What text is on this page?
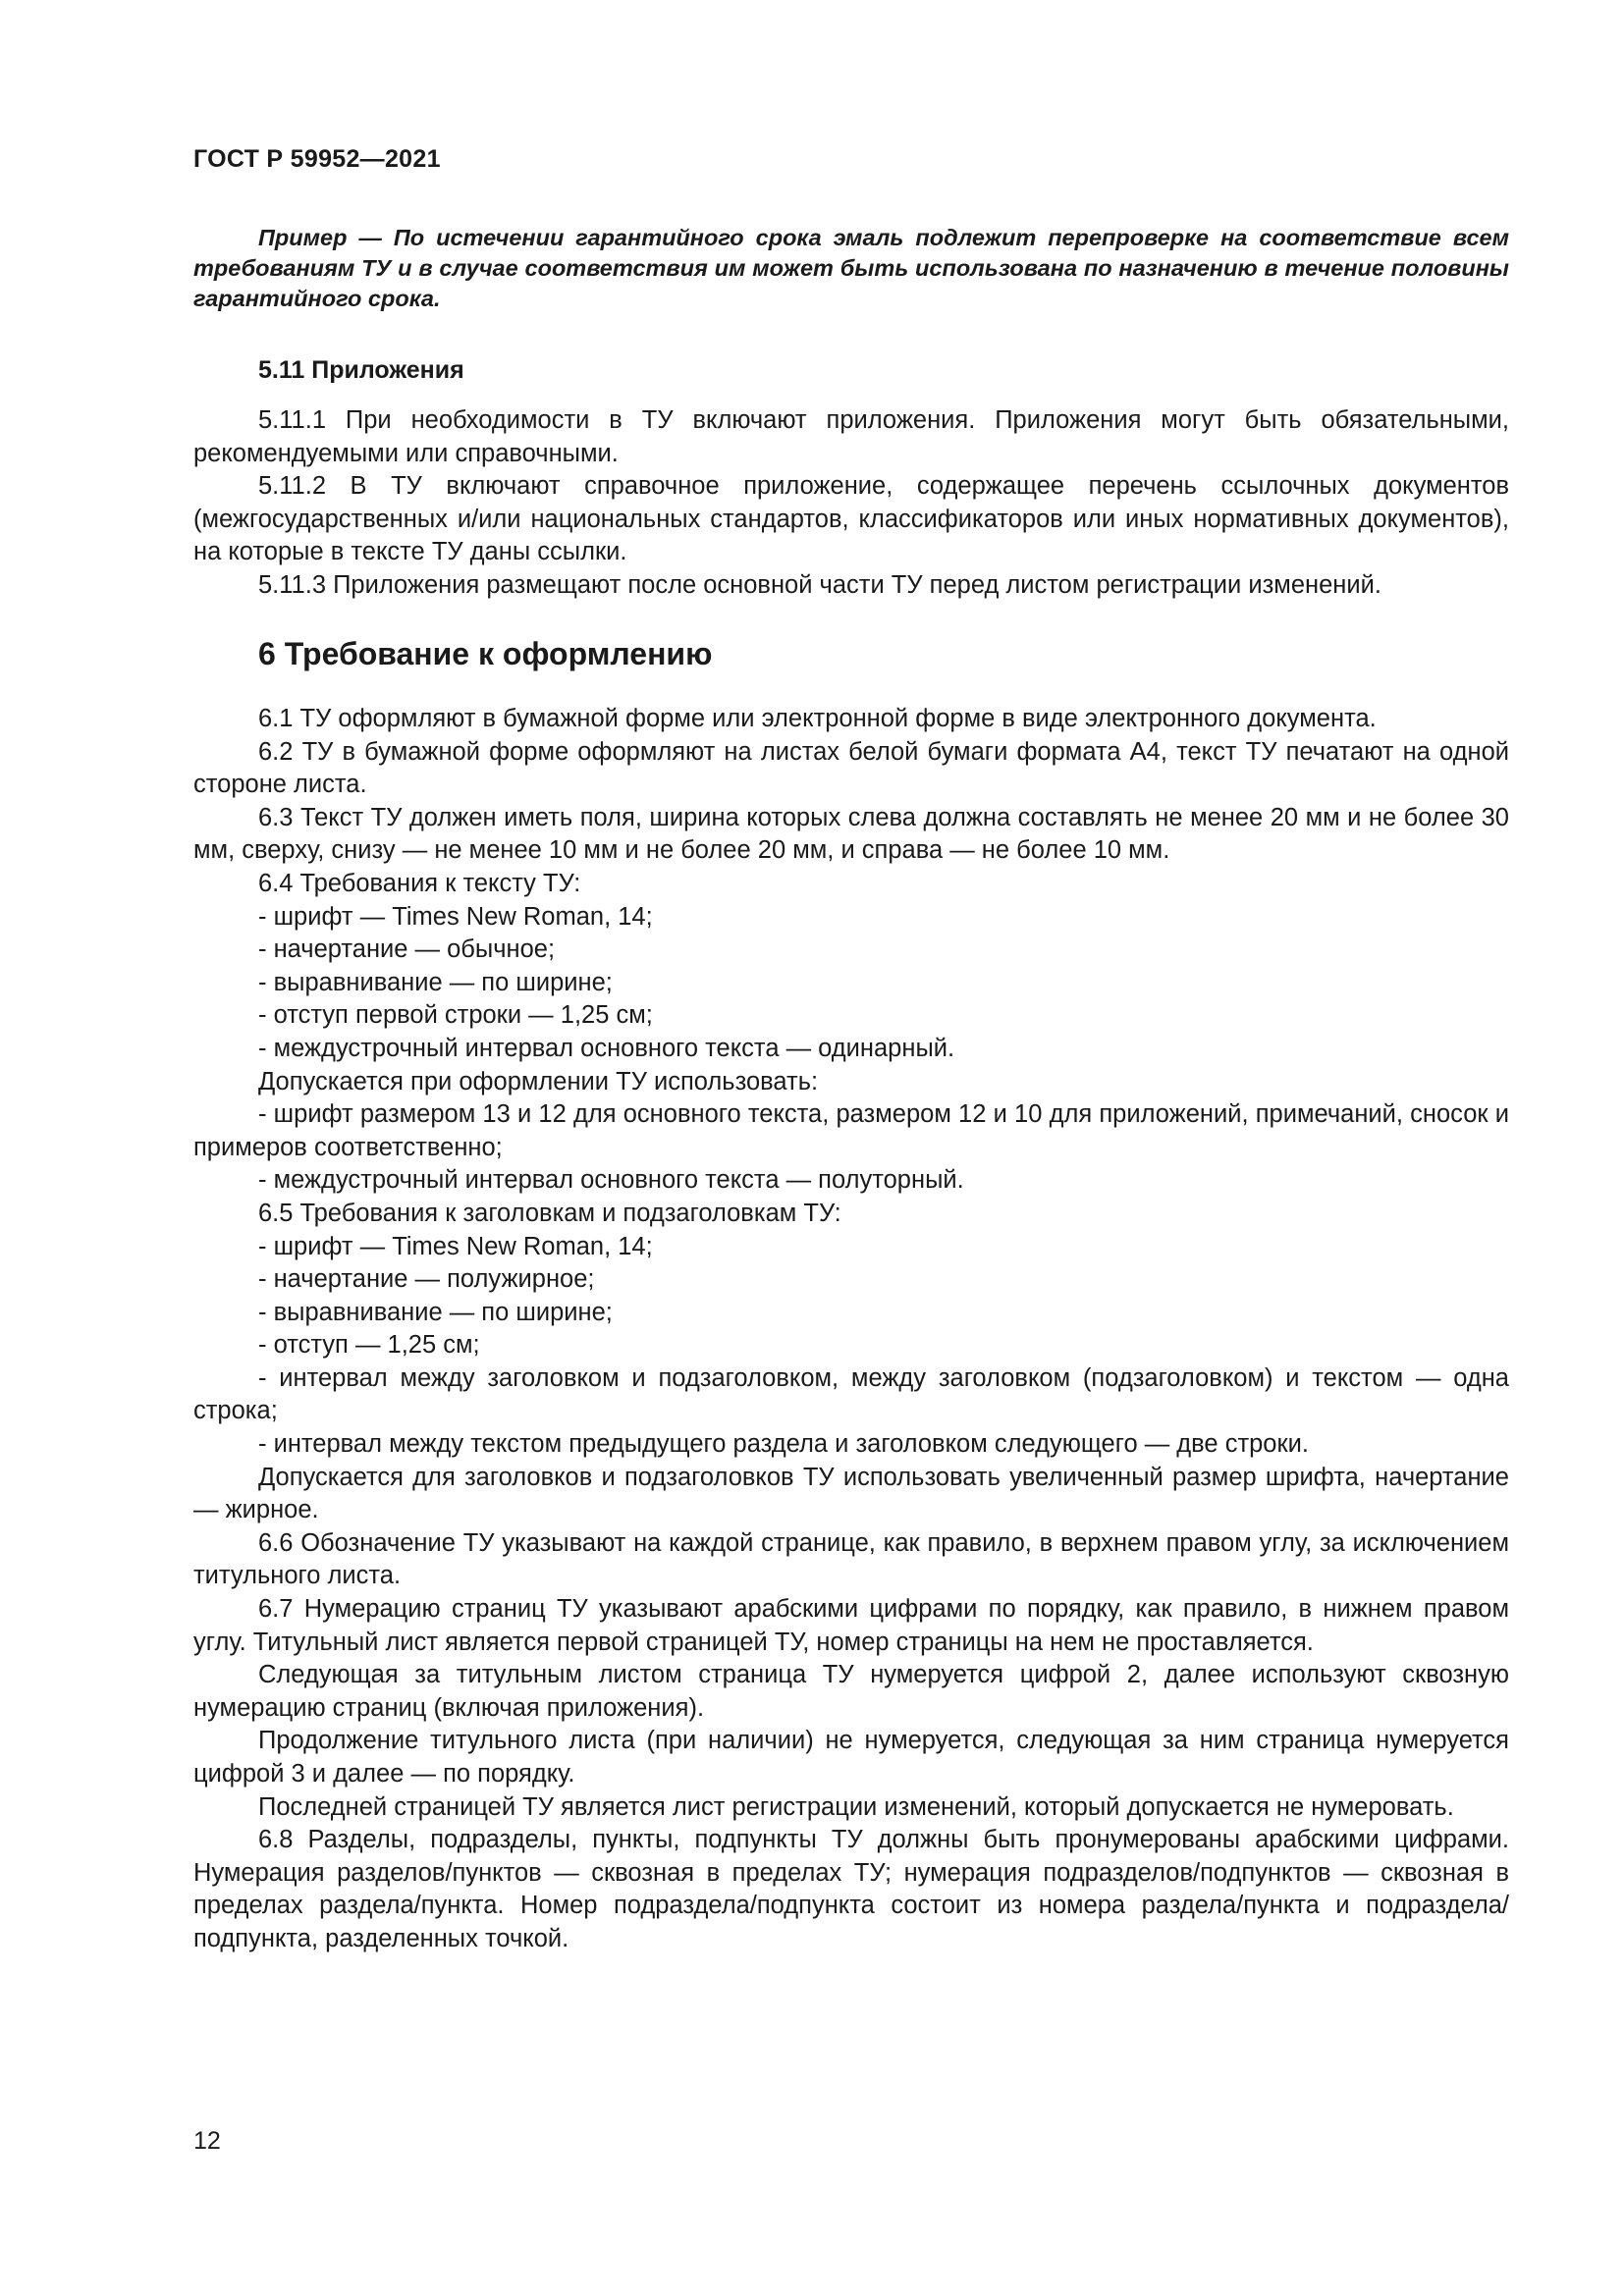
ГОСТ Р 59952—2021
Пример — По истечении гарантийного срока эмаль подлежит перепроверке на соответствие всем требованиям ТУ и в случае соответствия им может быть использована по назначению в течение половины гарантийного срока.
5.11 Приложения

5.11.1 При необходимости в ТУ включают приложения. Приложения могут быть обязательными, рекомендуемыми или справочными.

5.11.2 В ТУ включают справочное приложение, содержащее перечень ссылочных документов (межгосударственных и/или национальных стандартов, классификаторов или иных нормативных документов), на которые в тексте ТУ даны ссылки.

5.11.3 Приложения размещают после основной части ТУ перед листом регистрации изменений.

6 Требование к оформлению

6.1 ТУ оформляют в бумажной форме или электронной форме в виде электронного документа.

6.2 ТУ в бумажной форме оформляют на листах белой бумаги формата А4, текст ТУ печатают на одной стороне листа.

6.3 Текст ТУ должен иметь поля, ширина которых слева должна составлять не менее 20 мм и не более 30 мм, сверху, снизу — не менее 10 мм и не более 20 мм, и справа — не более 10 мм.

6.4 Требования к тексту ТУ:

- шрифт — Times New Roman, 14;

- начертание — обычное;

- выравнивание — по ширине;

- отступ первой строки — 1,25 см;

- междустрочный интервал основного текста — одинарный.

Допускается при оформлении ТУ использовать:

- шрифт размером 13 и 12 для основного текста, размером 12 и 10 для приложений, примечаний, сносок и примеров соответственно;

- междустрочный интервал основного текста — полуторный.

6.5 Требования к заголовкам и подзаголовкам ТУ:

- шрифт — Times New Roman, 14;

- начертание — полужирное;

- выравнивание — по ширине;

- отступ — 1,25 см;

- интервал между заголовком и подзаголовком, между заголовком (подзаголовком) и текстом — одна строка;

- интервал между текстом предыдущего раздела и заголовком следующего — две строки.

Допускается для заголовков и подзаголовков ТУ использовать увеличенный размер шрифта, начертание — жирное.

6.6 Обозначение ТУ указывают на каждой странице, как правило, в верхнем правом углу, за исключением титульного листа.

6.7 Нумерацию страниц ТУ указывают арабскими цифрами по порядку, как правило, в нижнем правом углу. Титульный лист является первой страницей ТУ, номер страницы на нем не проставляется.

Следующая за титульным листом страница ТУ нумеруется цифрой 2, далее используют сквозную нумерацию страниц (включая приложения).

Продолжение титульного листа (при наличии) не нумеруется, следующая за ним страница нумеруется цифрой 3 и далее — по порядку.

Последней страницей ТУ является лист регистрации изменений, который допускается не нумеровать.

6.8 Разделы, подразделы, пункты, подпункты ТУ должны быть пронумерованы арабскими цифрами. Нумерация разделов/пунктов — сквозная в пределах ТУ; нумерация подразделов/подпунктов — сквозная в пределах раздела/пункта. Номер подраздела/подпункта состоит из номера раздела/пункта и подраздела/подпункта, разделенных точкой.

12
